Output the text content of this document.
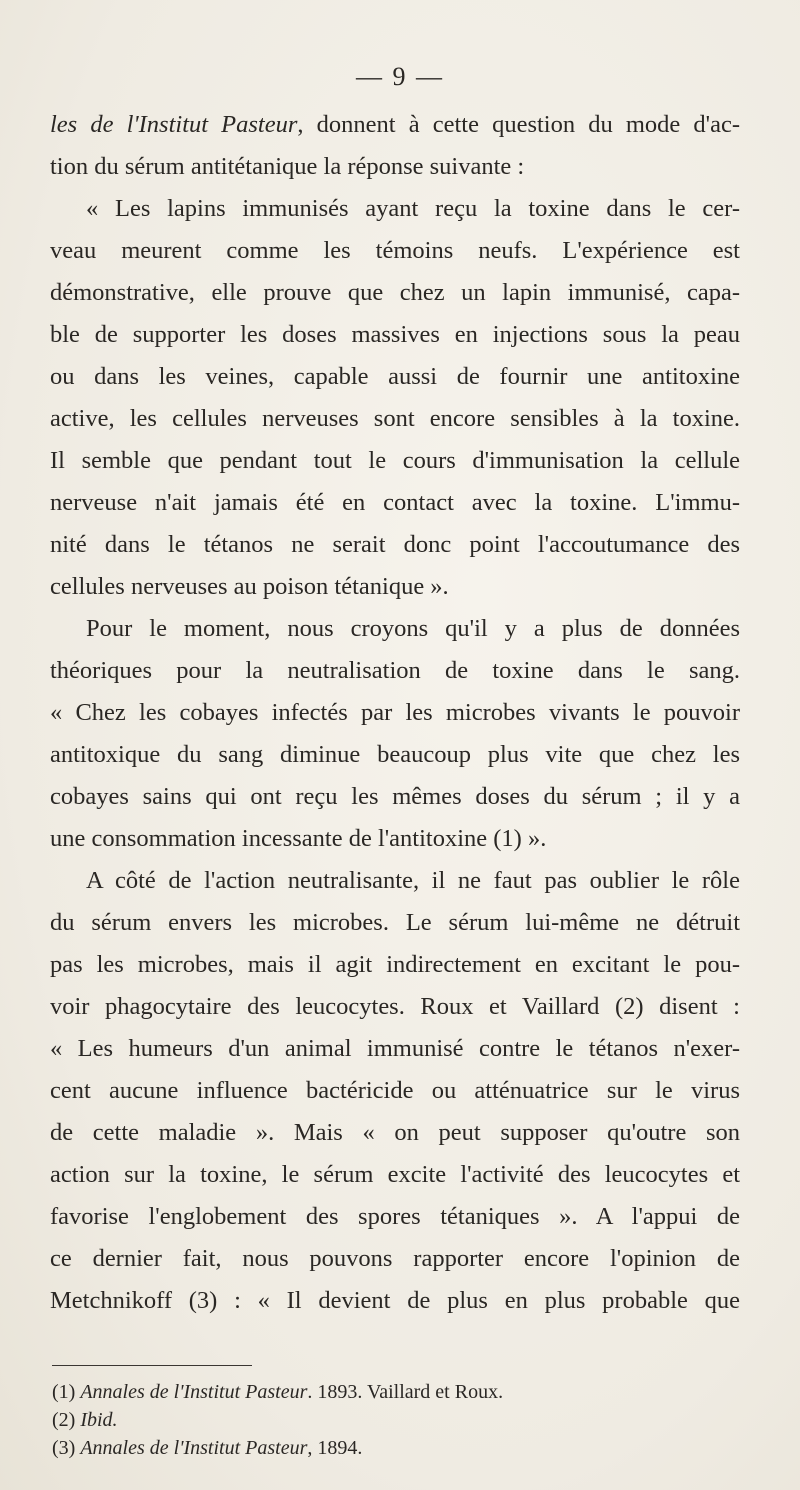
— 9 —
les de l'Institut Pasteur, donnent à cette question du mode d'ac-
tion du sérum antitétanique la réponse suivante :
« Les lapins immunisés ayant reçu la toxine dans le cer-
veau meurent comme les témoins neufs. L'expérience est
démonstrative, elle prouve que chez un lapin immunisé, capa-
ble de supporter les doses massives en injections sous la peau
ou dans les veines, capable aussi de fournir une antitoxine
active, les cellules nerveuses sont encore sensibles à la toxine.
Il semble que pendant tout le cours d'immunisation la cellule
nerveuse n'ait jamais été en contact avec la toxine. L'immu-
nité dans le tétanos ne serait donc point l'accoutumance des
cellules nerveuses au poison tétanique ».
Pour le moment, nous croyons qu'il y a plus de données
théoriques pour la neutralisation de toxine dans le sang.
« Chez les cobayes infectés par les microbes vivants le pouvoir
antitoxique du sang diminue beaucoup plus vite que chez les
cobayes sains qui ont reçu les mêmes doses du sérum ; il y a
une consommation incessante de l'antitoxine (1) ».
A côté de l'action neutralisante, il ne faut pas oublier le rôle
du sérum envers les microbes. Le sérum lui-même ne détruit
pas les microbes, mais il agit indirectement en excitant le pou-
voir phagocytaire des leucocytes. Roux et Vaillard (2) disent :
« Les humeurs d'un animal immunisé contre le tétanos n'exer-
cent aucune influence bactéricide ou atténuatrice sur le virus
de cette maladie ». Mais « on peut supposer qu'outre son
action sur la toxine, le sérum excite l'activité des leucocytes et
favorise l'englobement des spores tétaniques ». A l'appui de
ce dernier fait, nous pouvons rapporter encore l'opinion de
Metchnikoff (3) : « Il devient de plus en plus probable que
(1) Annales de l'Institut Pasteur. 1893. Vaillard et Roux.
(2) Ibid.
(3) Annales de l'Institut Pasteur, 1894.
